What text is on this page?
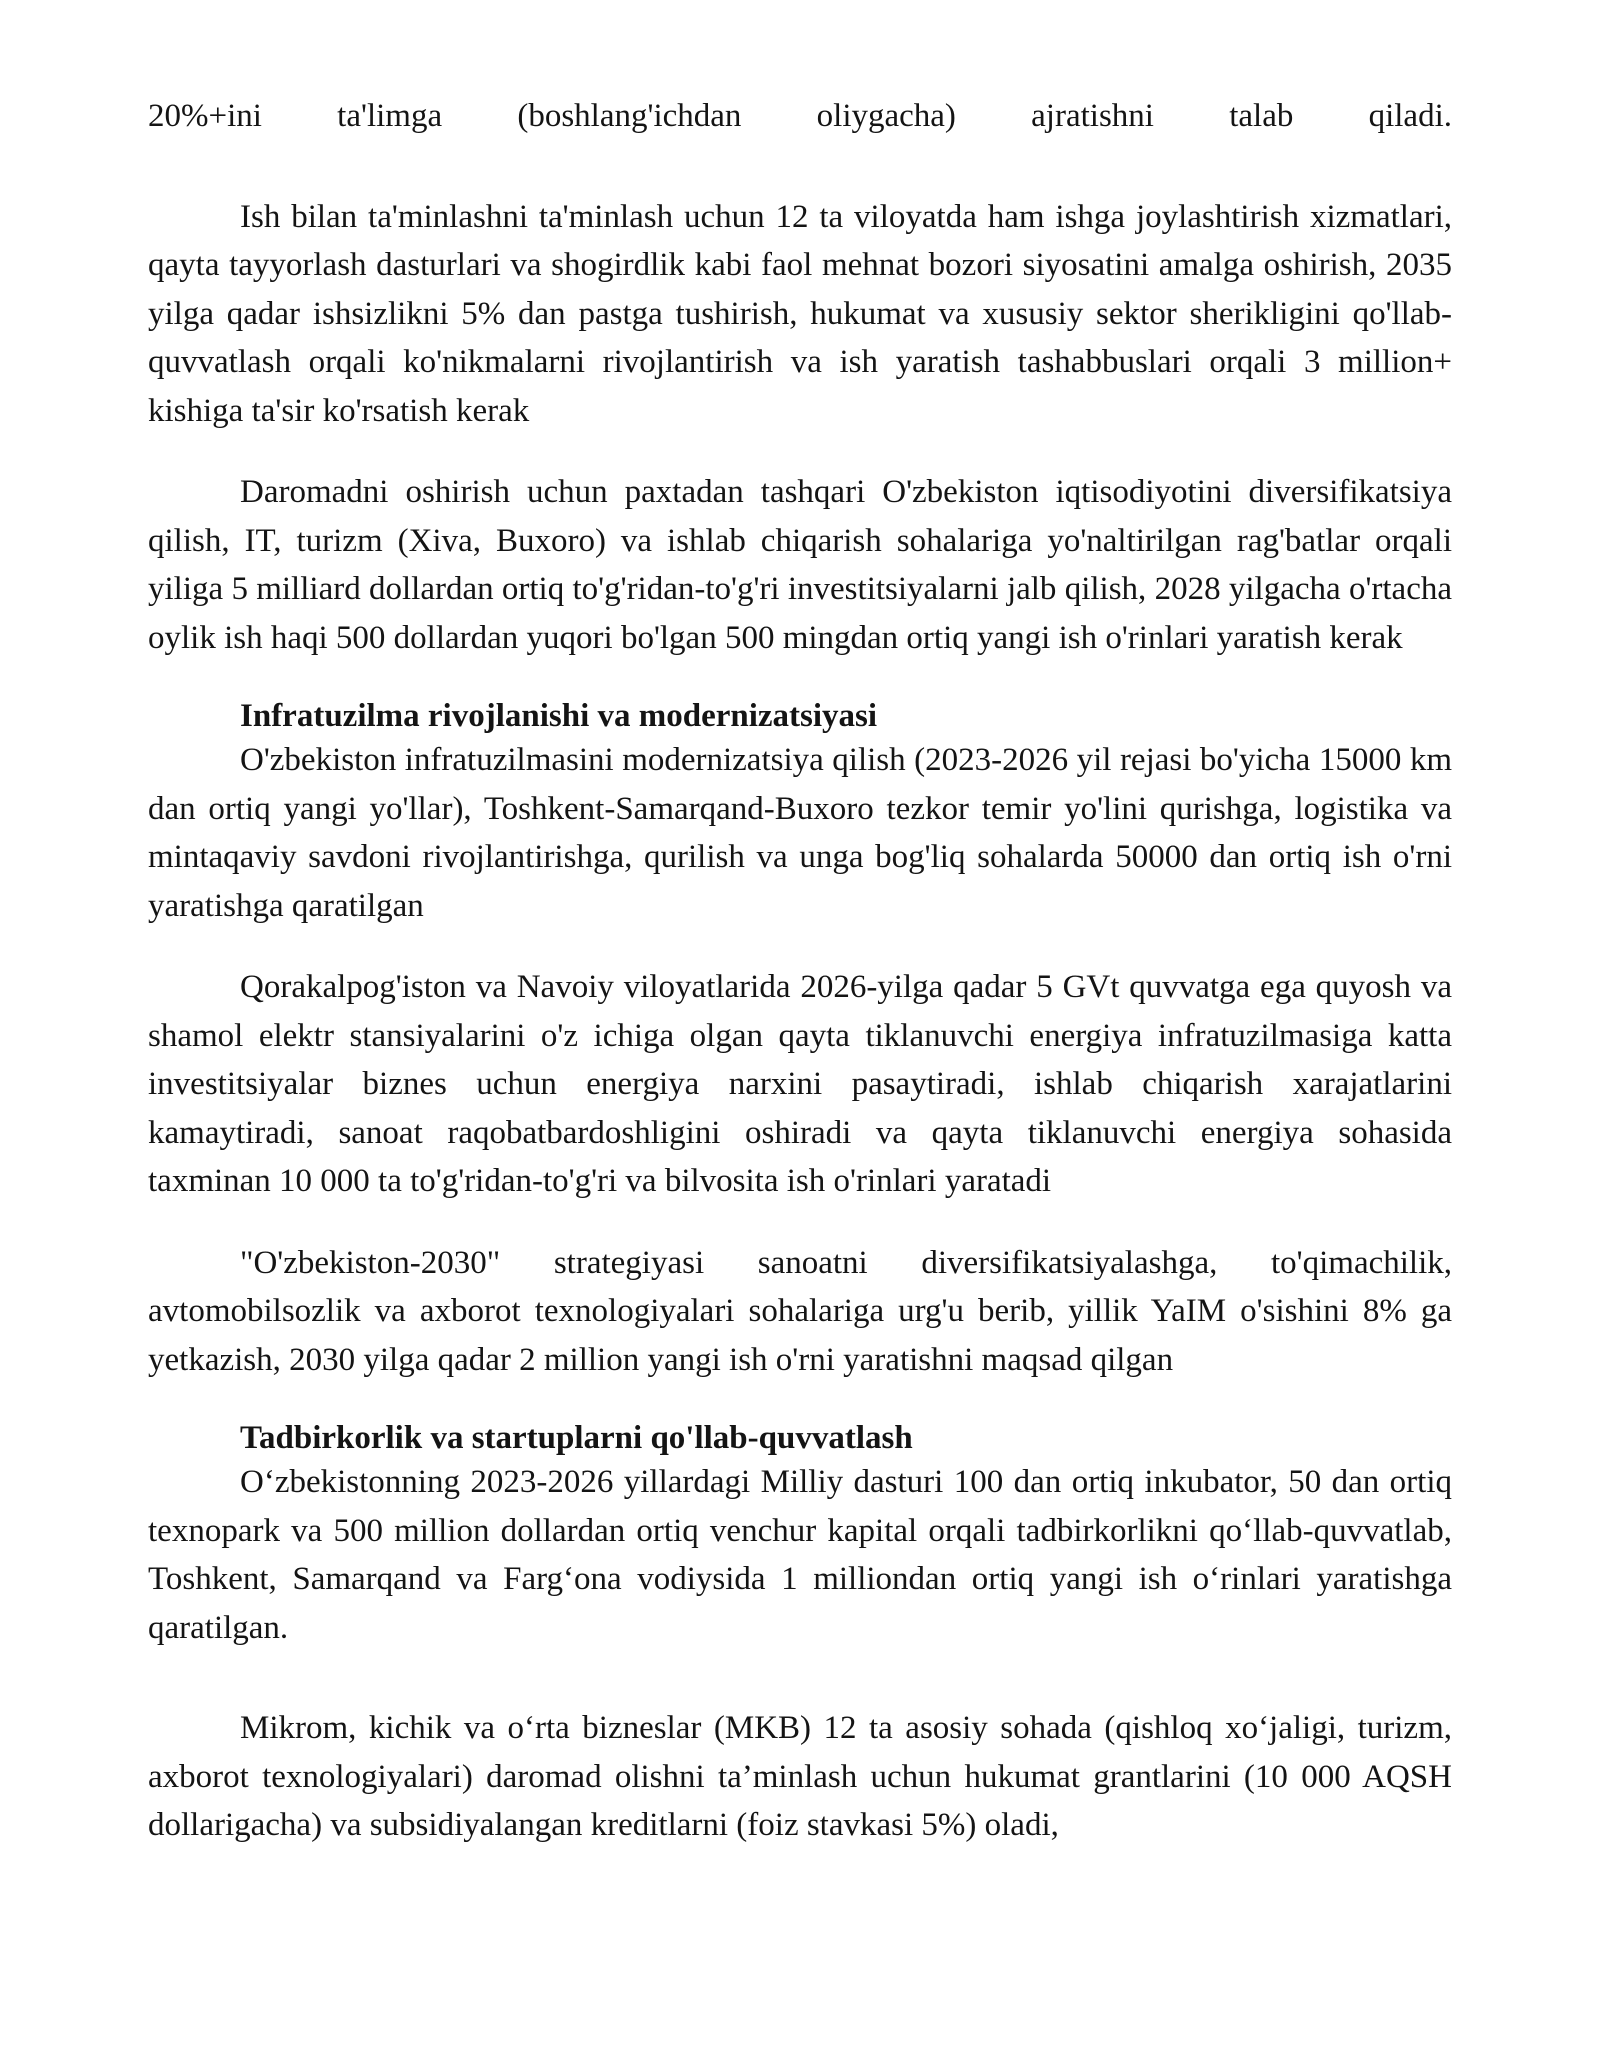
20%+ini ta'limga (boshlang'ichdan oliygacha) ajratishni talab qiladi.

Ish bilan ta'minlashni ta'minlash uchun 12 ta viloyatda ham ishga joylashtirish xizmatlari, qayta tayyorlash dasturlari va shogirdlik kabi faol mehnat bozori siyosatini amalga oshirish, 2035 yilga qadar ishsizlikni 5% dan pastga tushirish, hukumat va xususiy sektor sherikligini qo'llab-quvvatlash orqali ko'nikmalarni rivojlantirish va ish yaratish tashabbuslari orqali 3 million+ kishiga ta'sir ko'rsatish kerak

Daromadni oshirish uchun paxtadan tashqari O'zbekiston iqtisodiyotini diversifikatsiya qilish, IT, turizm (Xiva, Buxoro) va ishlab chiqarish sohalariga yo'naltirilgan rag'batlar orqali yiliga 5 milliard dollardan ortiq to'g'ridan-to'g'ri investitsiyalarni jalb qilish, 2028 yilgacha o'rtacha oylik ish haqi 500 dollardan yuqori bo'lgan 500 mingdan ortiq yangi ish o'rinlari yaratish kerak

Infratuzilma rivojlanishi va modernizatsiyasi

O'zbekiston infratuzilmasini modernizatsiya qilish (2023-2026 yil rejasi bo'yicha 15000 km dan ortiq yangi yo'llar), Toshkent-Samarqand-Buxoro tezkor temir yo'lini qurishga, logistika va mintaqaviy savdoni rivojlantirishga, qurilish va unga bog'liq sohalarda 50000 dan ortiq ish o'rni yaratishga qaratilgan

Qorakalpog'iston va Navoiy viloyatlarida 2026-yilga qadar 5 GVt quvvatga ega quyosh va shamol elektr stansiyalarini o'z ichiga olgan qayta tiklanuvchi energiya infratuzilmasiga katta investitsiyalar biznes uchun energiya narxini pasaytiradi, ishlab chiqarish xarajatlarini kamaytiradi, sanoat raqobatbardoshligini oshiradi va qayta tiklanuvchi energiya sohasida taxminan 10 000 ta to'g'ridan-to'g'ri va bilvosita ish o'rinlari yaratadi

"O'zbekiston-2030" strategiyasi sanoatni diversifikatsiyalashga, to'qimachilik, avtomobilsozlik va axborot texnologiyalari sohalariga urg'u berib, yillik YaIM o'sishini 8% ga yetkazish, 2030 yilga qadar 2 million yangi ish o'rni yaratishni maqsad qilgan

Tadbirkorlik va startuplarni qo'llab-quvvatlash

O‘zbekistonning 2023-2026 yillardagi Milliy dasturi 100 dan ortiq inkubator, 50 dan ortiq texnopark va 500 million dollardan ortiq venchur kapital orqali tadbirkorlikni qo‘llab-quvvatlab, Toshkent, Samarqand va Farg‘ona vodiysida 1 milliondan ortiq yangi ish o‘rinlari yaratishga qaratilgan.

Mikrom, kichik va o‘rta bizneslar (MKB) 12 ta asosiy sohada (qishloq xo‘jaligi, turizm, axborot texnologiyalari) daromad olishni ta’minlash uchun hukumat grantlarini (10 000 AQSH dollarigacha) va subsidiyalangan kreditlarni (foiz stavkasi 5%) oladi,
